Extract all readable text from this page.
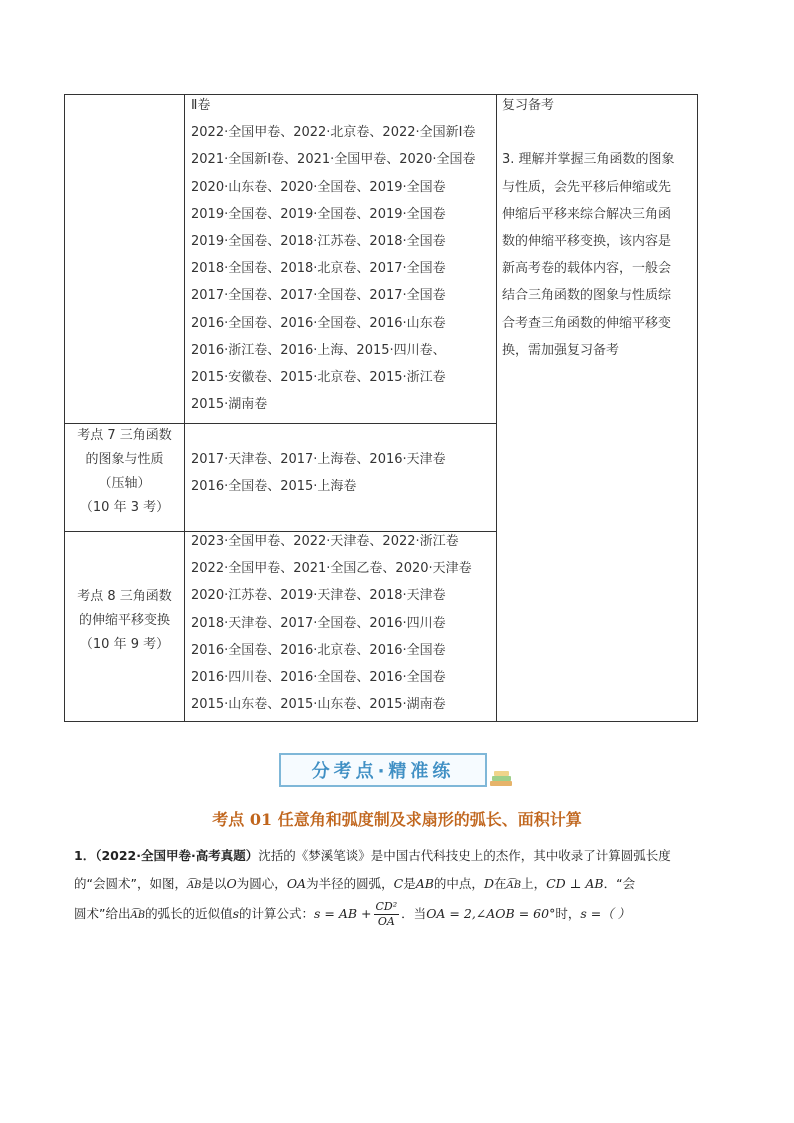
Ⅱ卷
2022·全国甲卷、2022·北京卷、2022·全国新Ⅰ卷
2021·全国新Ⅰ卷、2021·全国甲卷、2020·全国卷
2020·山东卷、2020·全国卷、2019·全国卷
2019·全国卷、2019·全国卷、2019·全国卷
2019·全国卷、2018·江苏卷、2018·全国卷
2018·全国卷、2018·北京卷、2017·全国卷
2017·全国卷、2017·全国卷、2017·全国卷
2016·全国卷、2016·全国卷、2016·山东卷
2016·浙江卷、2016·上海、2015·四川卷、
2015·安徽卷、2015·北京卷、2015·浙江卷
2015·湖南卷
考点 7 三角函数
的图象与性质
（压轴）
（10 年 3 考）
2017·天津卷、2017·上海卷、2016·天津卷
2016·全国卷、2015·上海卷
考点 8 三角函数
的伸缩平移变换
（10 年 9 考）
2023·全国甲卷、2022·天津卷、2022·浙江卷
2022·全国甲卷、2021·全国乙卷、2020·天津卷
2020·江苏卷、2019·天津卷、2018·天津卷
2018·天津卷、2017·全国卷、2016·四川卷
2016·全国卷、2016·北京卷、2016·全国卷
2016·四川卷、2016·全国卷、2016·全国卷
2015·山东卷、2015·山东卷、2015·湖南卷
复习备考

3. 理解并掌握三角函数的图象
与性质，会先平移后伸缩或先
伸缩后平移来综合解决三角函
数的伸缩平移变换，该内容是
新高考卷的载体内容，一般会
结合三角函数的图象与性质综
合考查三角函数的伸缩平移变
换，需加强复习备考
分考点·精准练
考点 01 任意角和弧度制及求扇形的弧长、面积计算
1．（2022·全国甲卷·高考真题）沈括的《梦溪笔谈》是中国古代科技史上的杰作，其中收录了计算圆弧长度
的“会圆术”，如图，⌒ AB是以O为圆心，OA为半径的圆弧，C是AB的中点，D在⌒ AB上，CD ⊥ AB．“会
圆术”给出⌒ AB的弧长的近似值s的计算公式：s = AB + $\frac{\text{CD²}}{OA}$ ．当OA = 2,∠AOB = 60°时，s =（ ）
